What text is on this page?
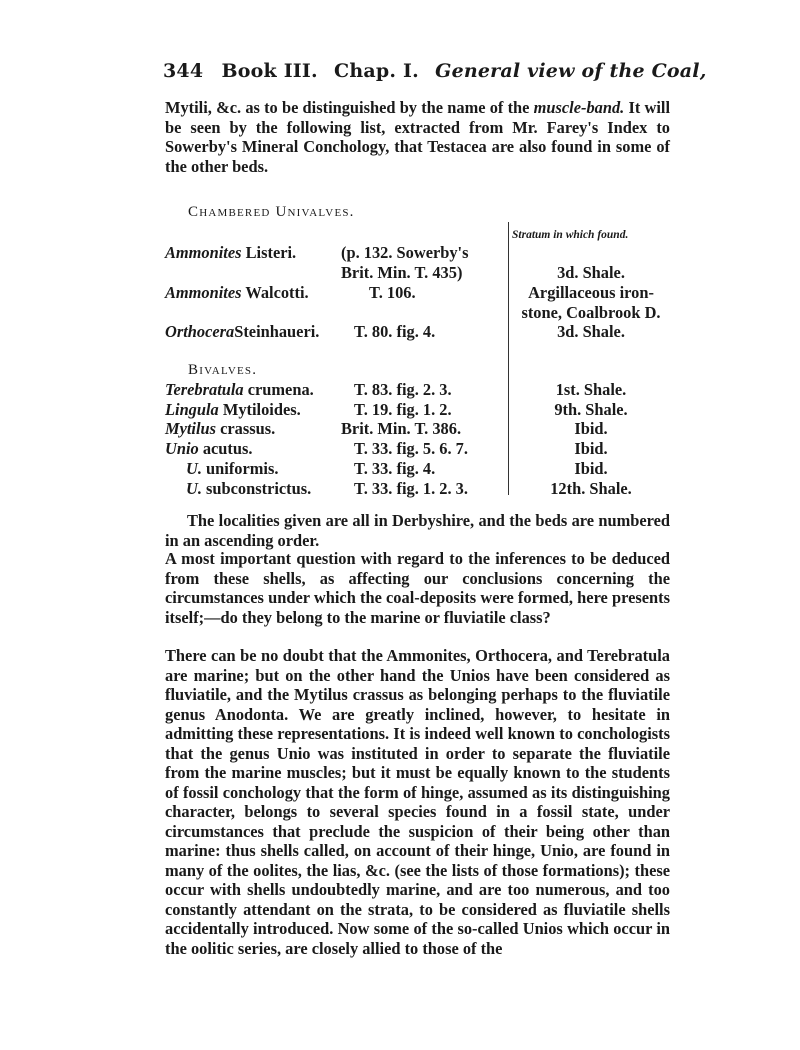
344 Book III. Chap. I. General view of the Coal,
Mytili, &c. as to be distinguished by the name of the muscle-band. It will be seen by the following list, extracted from Mr. Farey's Index to Sowerby's Mineral Conchology, that Testacea are also found in some of the other beds.
Chambered Univalves.
Stratum in which found.
Ammonites Listeri.	(p. 132. Sowerby's
Brit. Min. T. 435)	3d. Shale.
Ammonites Walcotti.	T. 106.	Argillaceous iron-
stone, Coalbrook D.
OrthoceraSteinhaueri. T. 80. fig. 4.	3d. Shale.
Bivalves.
Terebratula crumena. T. 83. fig. 2. 3.	1st. Shale.
Lingula Mytiloides.	T. 19. fig. 1. 2.	9th. Shale.
Mytilus crassus.	Brit. Min. T. 386.	Ibid.
Unio acutus.	T. 33. fig. 5. 6. 7.	Ibid.
U. uniformis.	T. 33. fig. 4.	Ibid.
U. subconstrictus.	T. 33. fig. 1. 2. 3.	12th. Shale.
The localities given are all in Derbyshire, and the beds are numbered in an ascending order.
A most important question with regard to the inferences to be deduced from these shells, as affecting our conclusions concerning the circumstances under which the coal-deposits were formed, here presents itself;—do they belong to the marine or fluviatile class?
There can be no doubt that the Ammonites, Orthocera, and Terebratula are marine; but on the other hand the Unios have been considered as fluviatile, and the Mytilus crassus as belonging perhaps to the fluviatile genus Anodonta. We are greatly inclined, however, to hesitate in admitting these representations. It is indeed well known to conchologists that the genus Unio was instituted in order to separate the fluviatile from the marine muscles; but it must be equally known to the students of fossil conchology that the form of hinge, assumed as its distinguishing character, belongs to several species found in a fossil state, under circumstances that preclude the suspicion of their being other than marine: thus shells called, on account of their hinge, Unio, are found in many of the oolites, the lias, &c. (see the lists of those formations); these occur with shells undoubtedly marine, and are too numerous, and too constantly attendant on the strata, to be considered as fluviatile shells accidentally introduced. Now some of the so-called Unios which occur in the oolitic series, are closely allied to those of the
